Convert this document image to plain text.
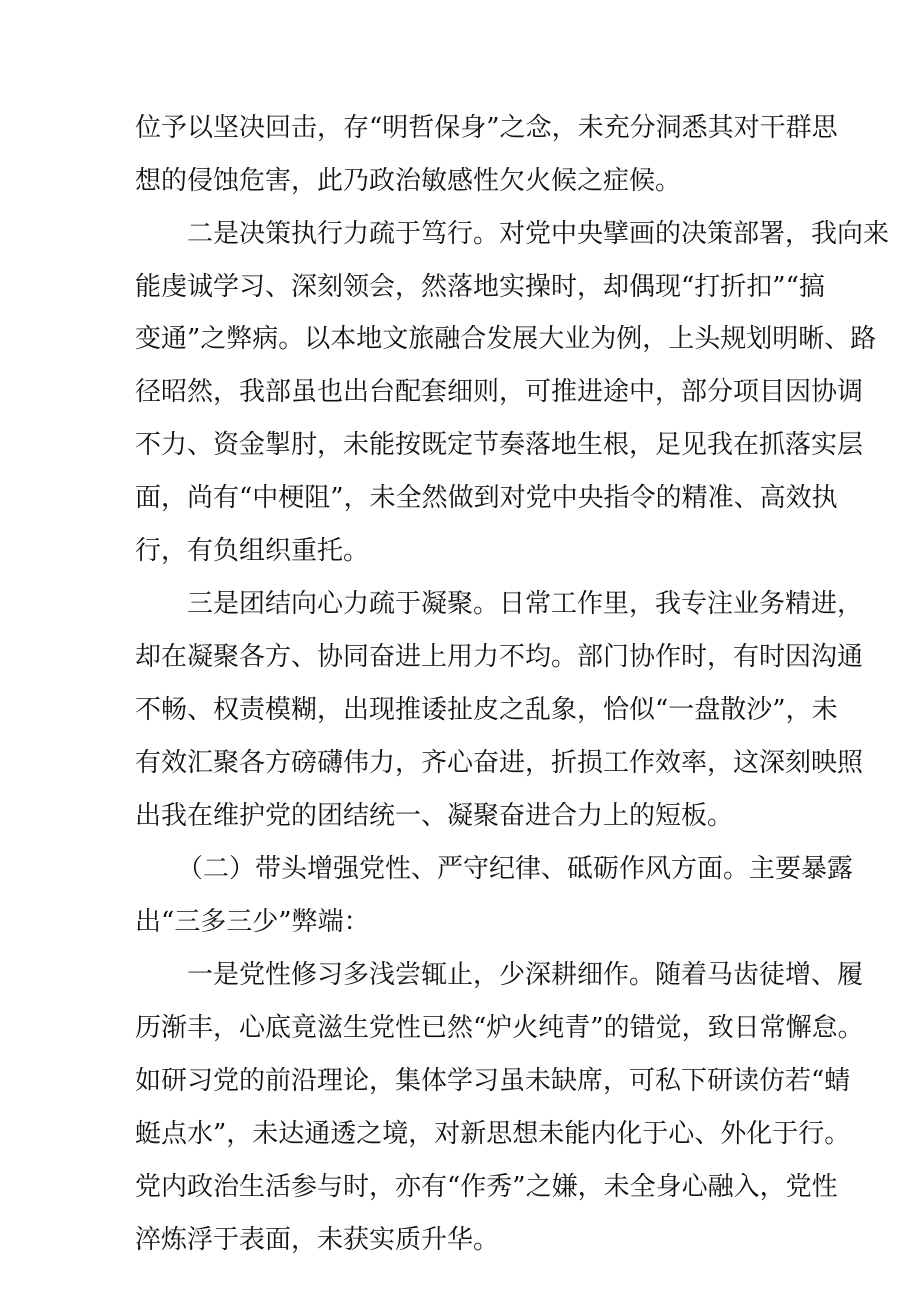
位予以坚决回击，存“明哲保身”之念，未充分洞悉其对干群思

想的侵蚀危害，此乃政治敏感性欠火候之症候。

二是决策执行力疏于笃行。对党中央擘画的决策部署，我向来

能虔诚学习、深刻领会，然落地实操时，却偶现“打折扣”“搞

变通”之弊病。以本地文旅融合发展大业为例，上头规划明晰、路

径昭然，我部虽也出台配套细则，可推进途中，部分项目因协调

不力、资金掣肘，未能按既定节奏落地生根，足见我在抓落实层

面，尚有“中梗阻”，未全然做到对党中央指令的精准、高效执

行，有负组织重托。

三是团结向心力疏于凝聚。日常工作里，我专注业务精进，

却在凝聚各方、协同奋进上用力不均。部门协作时，有时因沟通

不畅、权责模糊，出现推诿扯皮之乱象，恰似“一盘散沙”，未

有效汇聚各方磅礴伟力，齐心奋进，折损工作效率，这深刻映照

出我在维护党的团结统一、凝聚奋进合力上的短板。

（二）带头增强党性、严守纪律、砥砺作风方面。主要暴露

出“三多三少”弊端：

一是党性修习多浅尝辄止，少深耕细作。随着马齿徒增、履

历渐丰，心底竟滋生党性已然“炉火纯青”的错觉，致日常懈怠。

如研习党的前沿理论，集体学习虽未缺席，可私下研读仿若“蜻

蜓点水”，未达通透之境，对新思想未能内化于心、外化于行。

党内政治生活参与时，亦有“作秀”之嫌，未全身心融入，党性

淬炼浮于表面，未获实质升华。
